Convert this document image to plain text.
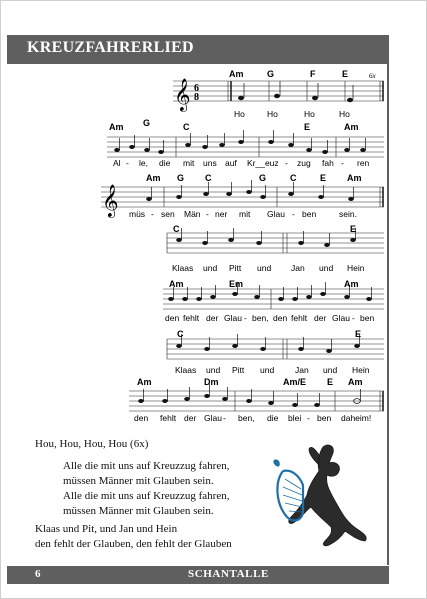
KREUZFAHRERLIED
𝄞 6
8
Am	G	F	E	6x
Ho	Ho	Ho	Ho
Am G	C	E	Am
Al - le, die mit uns auf Kr__euz - zug fah - ren
𝄞
Am G C	G	C	E Am
müs - sen Män - ner mit Glau - ben	sein.
C	E
Klaas und Pitt und Jan und Hein
Am	Em	Am
den fehlt der Glau - ben, den fehlt der Glau - ben
C	E
Klaas und Pitt und Jan und Hein
Am	Dm	Am/E E Am
den fehlt der Glau - ben, die blei - ben daheim!
Hou, Hou, Hou, Hou (6x)
Alle die mit uns auf Kreuzzug fahren,
müssen Männer mit Glauben sein.
Alle die mit uns auf Kreuzzug fahren,
müssen Männer mit Glauben sein.
Klaas und Pit, und Jan und Hein
den fehlt der Glauben, den fehlt der Glauben
6	SCHANTALLE
